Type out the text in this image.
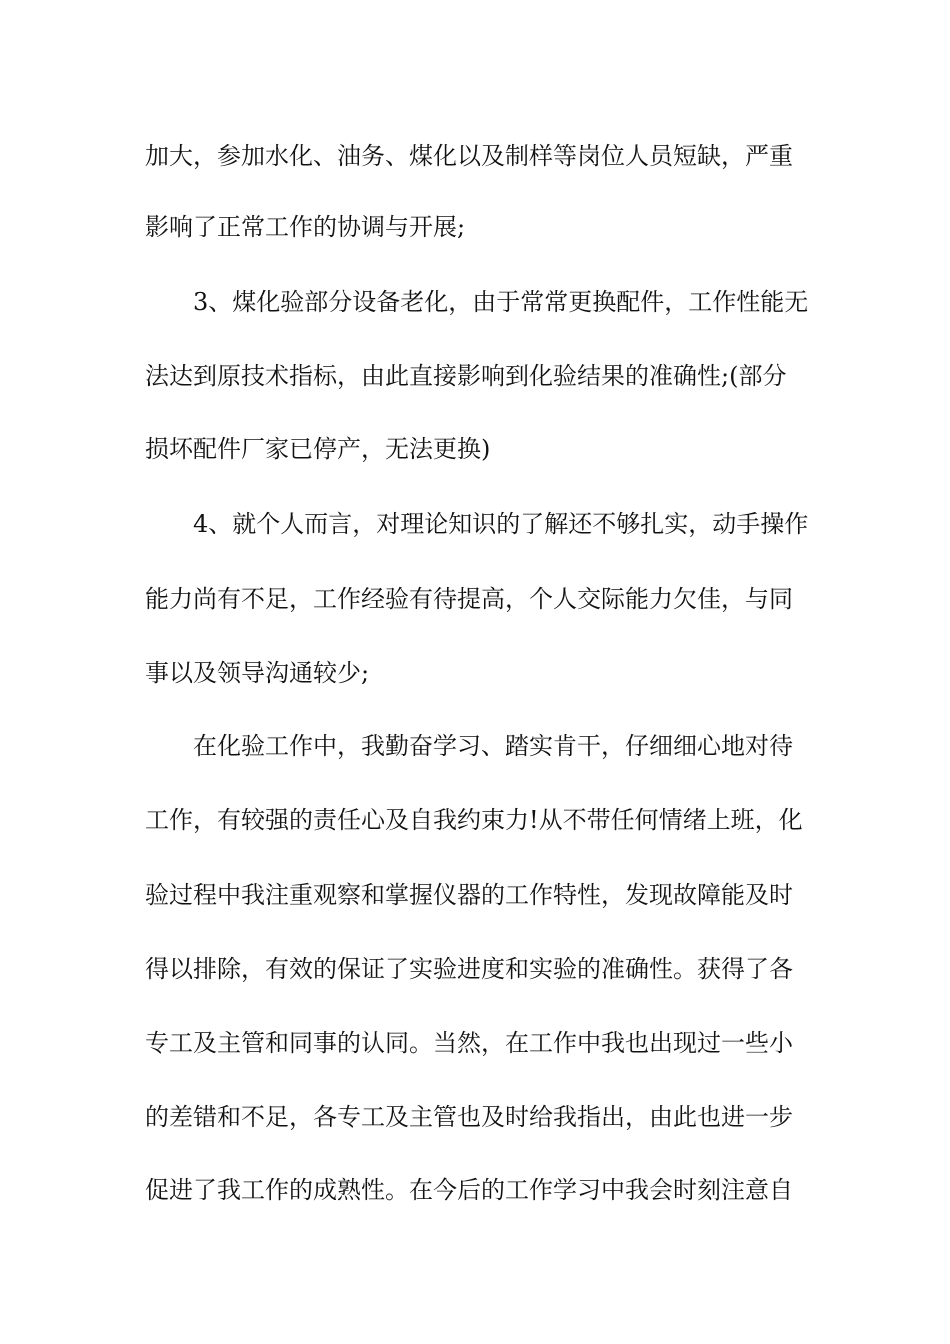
加大，参加水化、油务、煤化以及制样等岗位人员短缺，严重
影响了正常工作的协调与开展;
3、煤化验部分设备老化，由于常常更换配件，工作性能无
法达到原技术指标，由此直接影响到化验结果的准确性;(部分
损坏配件厂家已停产，无法更换)
4、就个人而言，对理论知识的了解还不够扎实，动手操作
能力尚有不足，工作经验有待提高，个人交际能力欠佳，与同
事以及领导沟通较少;
在化验工作中，我勤奋学习、踏实肯干，仔细细心地对待
工作，有较强的责任心及自我约束力!从不带任何情绪上班，化
验过程中我注重观察和掌握仪器的工作特性，发现故障能及时
得以排除，有效的保证了实验进度和实验的准确性。获得了各
专工及主管和同事的认同。当然，在工作中我也出现过一些小
的差错和不足，各专工及主管也及时给我指出，由此也进一步
促进了我工作的成熟性。在今后的工作学习中我会时刻注意自
